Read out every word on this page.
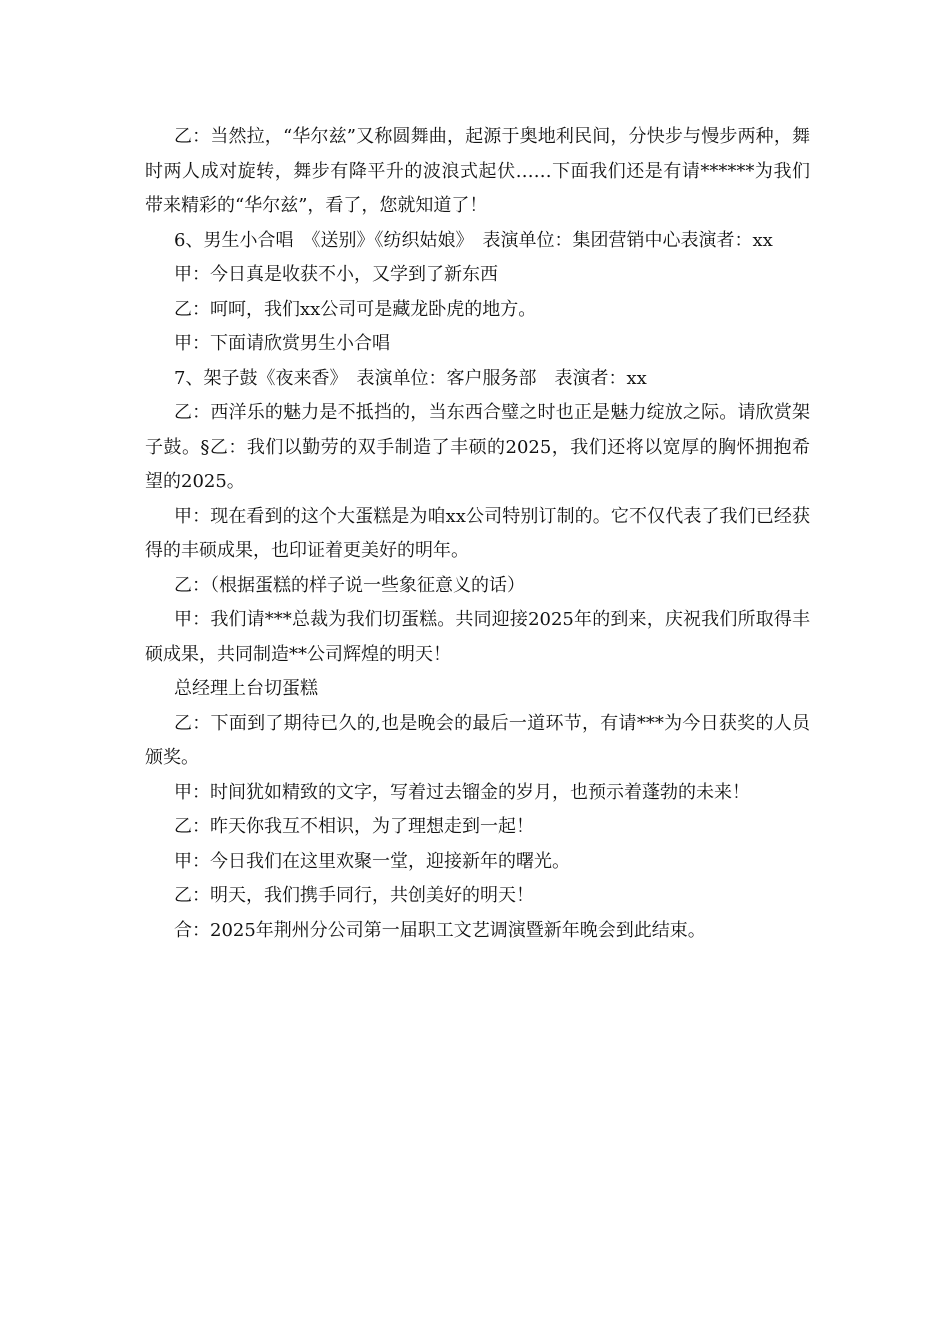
乙：当然拉，“华尔兹”又称圆舞曲，起源于奥地利民间，分快步与慢步两种，舞时两人成对旋转，舞步有降平升的波浪式起伏……下面我们还是有请******为我们带来精彩的“华尔兹”，看了，您就知道了！

6、男生小合唱　《送别》《纺织姑娘》　表演单位：集团营销中心表演者：xx

甲：今日真是收获不小，又学到了新东西

乙：呵呵，我们xx公司可是藏龙卧虎的地方。

甲：下面请欣赏男生小合唱

7、架子鼓《夜来香》　表演单位：客户服务部　表演者：xx

乙：西洋乐的魅力是不抵挡的，当东西合璧之时也正是魅力绽放之际。请欣赏架子鼓。§乙：我们以勤劳的双手制造了丰硕的2025，我们还将以宽厚的胸怀拥抱希望的2025。

甲：现在看到的这个大蛋糕是为咱xx公司特别订制的。它不仅代表了我们已经获得的丰硕成果，也印证着更美好的明年。

乙：（根据蛋糕的样子说一些象征意义的话）

甲：我们请***总裁为我们切蛋糕。共同迎接2025年的到来，庆祝我们所取得丰硕成果，共同制造**公司辉煌的明天！

总经理上台切蛋糕

乙：下面到了期待已久的,也是晚会的最后一道环节，有请***为今日获奖的人员颁奖。

甲：时间犹如精致的文字，写着过去镏金的岁月，也预示着蓬勃的未来！

乙：昨天你我互不相识，为了理想走到一起！

甲：今日我们在这里欢聚一堂，迎接新年的曙光。

乙：明天，我们携手同行，共创美好的明天！

合：2025年荆州分公司第一届职工文艺调演暨新年晚会到此结束。
